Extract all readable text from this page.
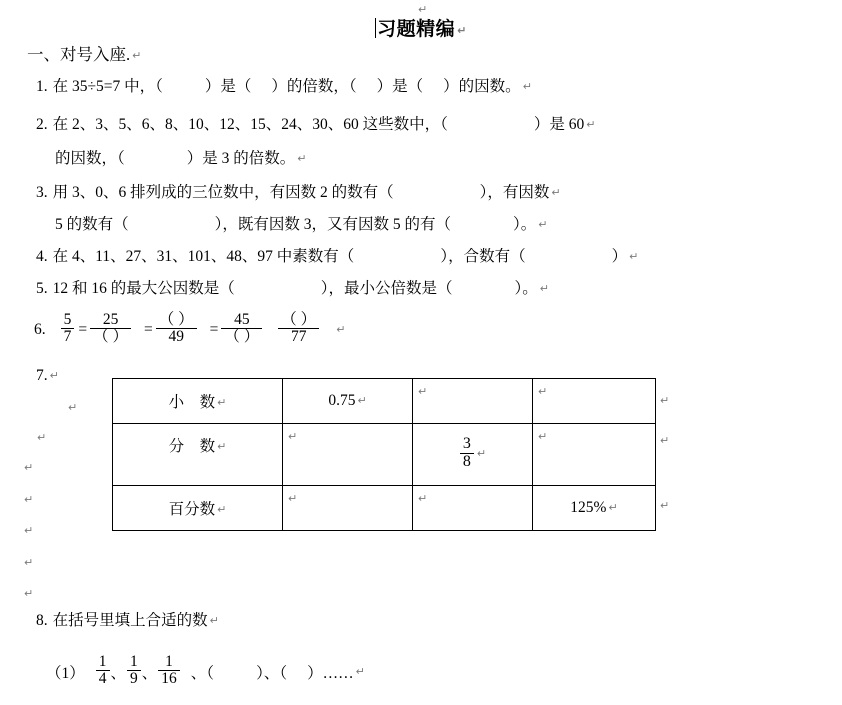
↵
习题精编 ↵
一、对号入座. ↵
1. 在 35÷5=7 中，（	）是（ ）的倍数，（ ）是（ ）的因数。 ↵
2. 在 2、3、5、6、8、10、12、15、24、30、60 这些数中，（	）是 60 ↵
的因数，（	）是 3 的倍数。 ↵
3. 用 3、0、6 排列成的三位数中，有因数 2 的数有（	），有因数 ↵
5 的数有（	），既有因数 3，又有因数 5 的有（	）。 ↵
4. 在 4、11、27、31、101、48、97 中素数有（	），合数有（	） ↵
5. 12 和 16 的最大公因数是（	），最小公倍数是（	）。 ↵
6. $\frac{5}{7} = \frac{25}{( )} = \frac{( )}{49} = \frac{45}{( )} \frac{( )}{77}$ ↵
7. ↵
↵
↵
↵
↵
↵
↵
↵
小　数 ↵	0.75 ↵	↵	↵

分　数 ↵	↵	$\frac{3}{8}$ ↵	↵

百分数 ↵	↵	↵	125% ↵
↵
↵
↵
8. 在括号里填上合适的数 ↵
$(1) \frac{1}{4}$ 、 $\frac{1}{9}$ 、 $\frac{1}{16}$ 、（	）、（ ）…… ↵
